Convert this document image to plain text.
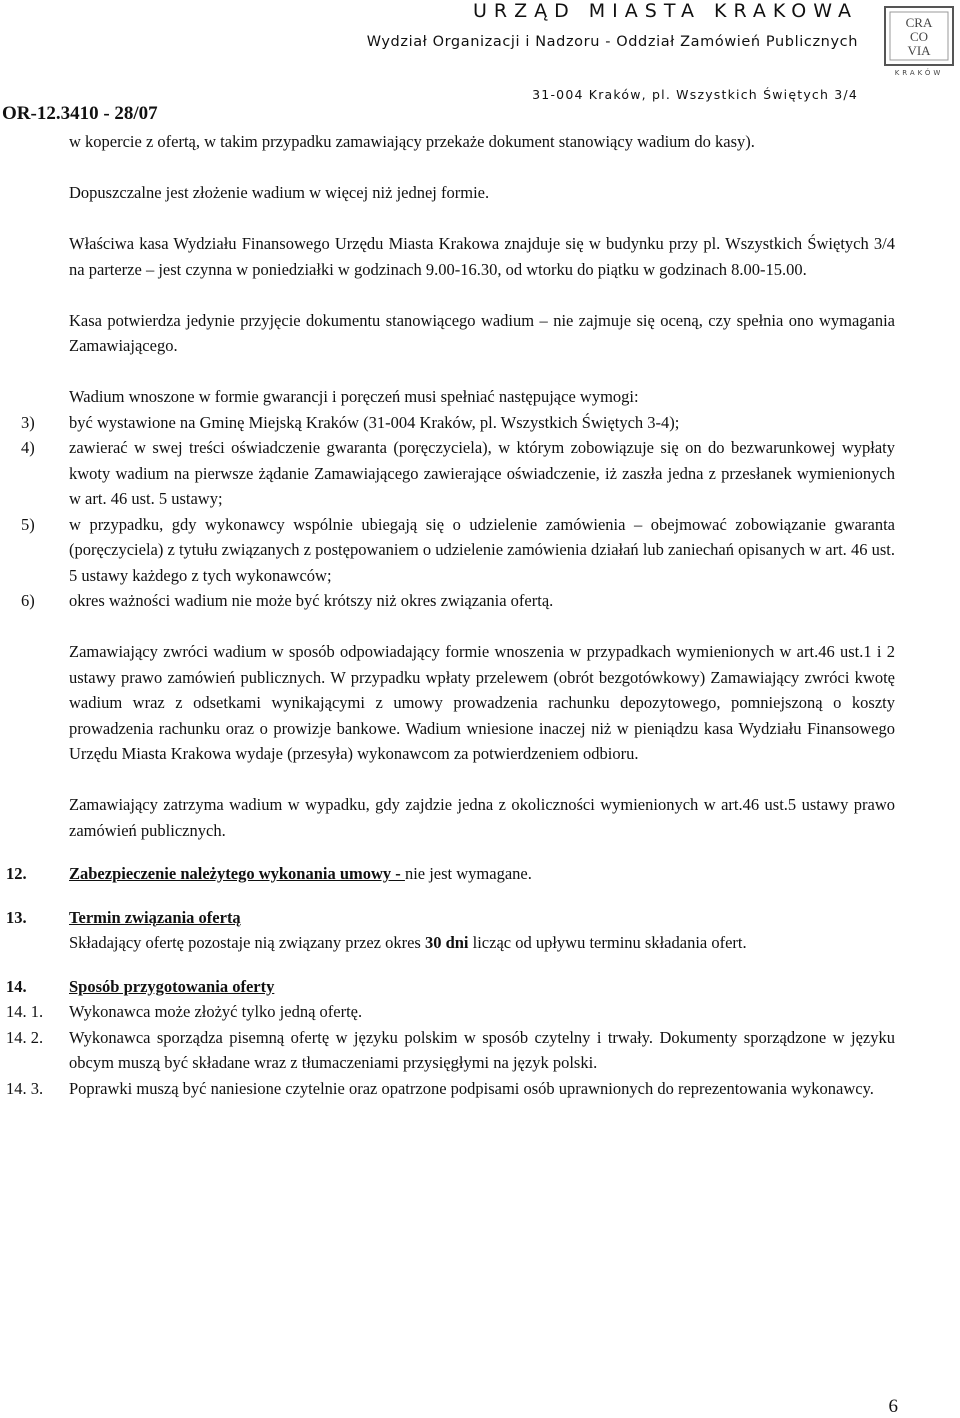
URZĄD MIASTA KRAKOWA
Wydział Organizacji i Nadzoru - Oddział Zamówień Publicznych
31-004 Kraków, pl. Wszystkich Świętych 3/4
CRA
CO
VIA
KRAKÓW
OR-12.3410 - 28/07

w kopercie z ofertą, w takim przypadku zamawiający przekaże dokument stanowiący wadium do kasy).

Dopuszczalne jest złożenie wadium w więcej niż jednej formie.

Właściwa kasa Wydziału Finansowego Urzędu Miasta Krakowa znajduje się w budynku przy pl. Wszystkich Świętych 3/4 na parterze – jest czynna w poniedziałki w godzinach 9.00-16.30, od wtorku do piątku w godzinach 8.00-15.00.

Kasa potwierdza jedynie przyjęcie dokumentu stanowiącego wadium – nie zajmuje się oceną, czy spełnia ono wymagania Zamawiającego.

Wadium wnoszone w formie gwarancji i poręczeń musi spełniać następujące wymogi:

3) być wystawione na Gminę Miejską Kraków (31-004 Kraków, pl. Wszystkich Świętych 3-4);
4) zawierać w swej treści oświadczenie gwaranta (poręczyciela), w którym zobowiązuje się on do bezwarunkowej wypłaty kwoty wadium na pierwsze żądanie Zamawiającego zawierające oświadczenie, iż zaszła jedna z przesłanek wymienionych w art. 46 ust. 5 ustawy;
5) w przypadku, gdy wykonawcy wspólnie ubiegają się o udzielenie zamówienia – obejmować zobowiązanie gwaranta (poręczyciela) z tytułu związanych z postępowaniem o udzielenie zamówienia działań lub zaniechań opisanych w art. 46 ust. 5 ustawy każdego z tych wykonawców;
6) okres ważności wadium nie może być krótszy niż okres związania ofertą.

Zamawiający zwróci wadium w sposób odpowiadający formie wnoszenia w przypadkach wymienionych w art.46 ust.1 i 2 ustawy prawo zamówień publicznych. W przypadku wpłaty przelewem (obrót bezgotówkowy) Zamawiający zwróci kwotę wadium wraz z odsetkami wynikającymi z umowy prowadzenia rachunku depozytowego, pomniejszoną o koszty prowadzenia rachunku oraz o prowizje bankowe. Wadium wniesione inaczej niż w pieniądzu kasa Wydziału Finansowego Urzędu Miasta Krakowa wydaje (przesyła) wykonawcom za potwierdzeniem odbioru.

Zamawiający zatrzyma wadium w wypadku, gdy zajdzie jedna z okoliczności wymienionych w art.46 ust.5 ustawy prawo zamówień publicznych.

12.	Zabezpieczenie należytego wykonania umowy - nie jest wymagane.
13.	Termin związania ofertą

Składający ofertę pozostaje nią związany przez okres 30 dni licząc od upływu terminu składania ofert.

14.	Sposób przygotowania oferty
14. 1. Wykonawca może złożyć tylko jedną ofertę.
14. 2. Wykonawca sporządza pisemną ofertę w języku polskim w sposób czytelny i trwały. Dokumenty sporządzone w języku obcym muszą być składane wraz z tłumaczeniami przysięgłymi na język polski.
14. 3. Poprawki muszą być naniesione czytelnie oraz opatrzone podpisami osób uprawnionych do reprezentowania wykonawcy.
6
